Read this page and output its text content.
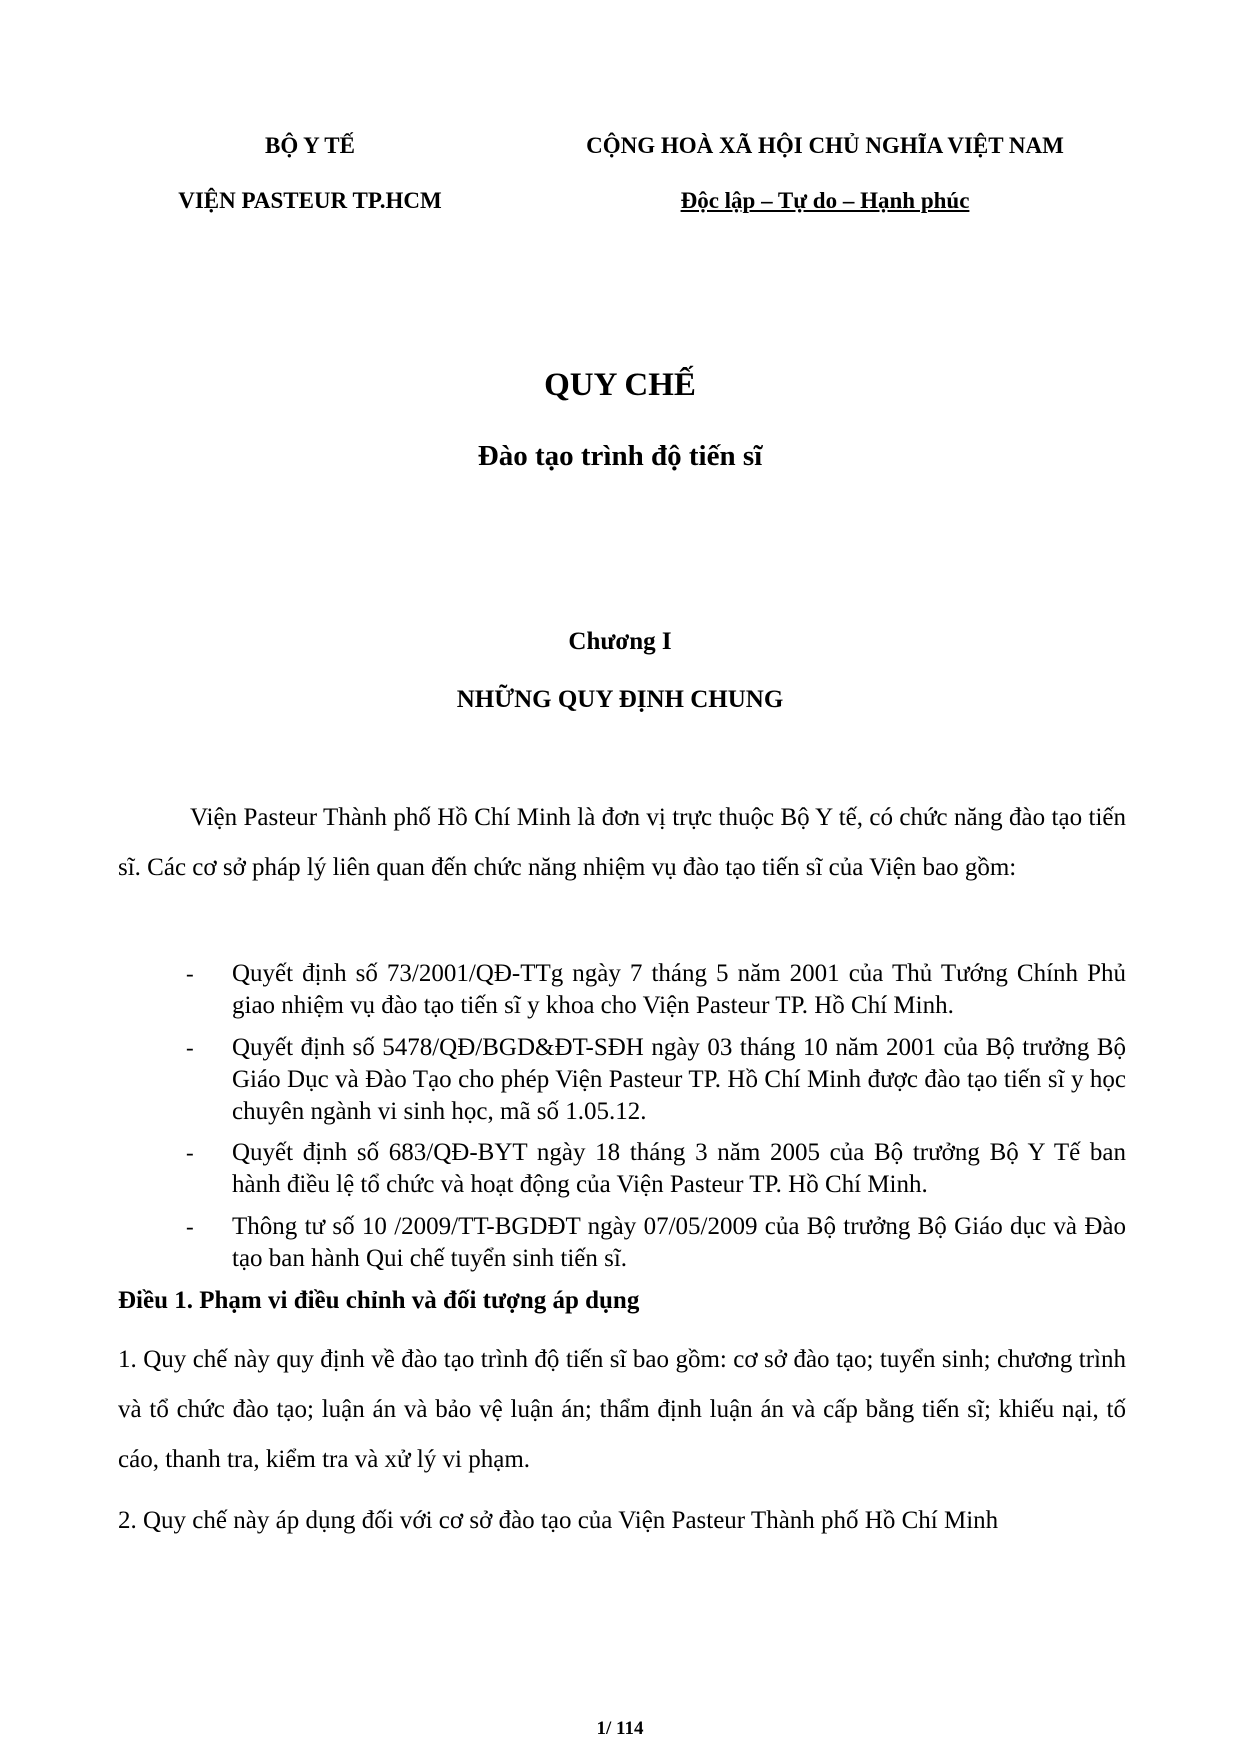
BỘ Y TẾ
VIỆN PASTEUR TP.HCM
CỘNG HOÀ XÃ HỘI CHỦ NGHĨA VIỆT NAM
Độc lập – Tự do – Hạnh phúc
QUY CHẾ
Đào tạo trình độ tiến sĩ
Chương I
NHỮNG QUY ĐỊNH CHUNG
Viện Pasteur Thành phố Hồ Chí Minh là đơn vị trực thuộc Bộ Y tế, có chức năng đào tạo tiến sĩ. Các cơ sở pháp lý liên quan đến chức năng nhiệm vụ đào tạo tiến sĩ của Viện bao gồm:
- Quyết định số 73/2001/QĐ-TTg ngày 7 tháng 5 năm 2001 của Thủ Tướng Chính Phủ giao nhiệm vụ đào tạo tiến sĩ y khoa cho Viện Pasteur TP. Hồ Chí Minh.
- Quyết định số 5478/QĐ/BGD&ĐT-SĐH ngày 03 tháng 10 năm 2001 của Bộ trưởng Bộ Giáo Dục và Đào Tạo cho phép Viện Pasteur TP. Hồ Chí Minh được đào tạo tiến sĩ y học chuyên ngành vi sinh học, mã số 1.05.12.
- Quyết định số 683/QĐ-BYT ngày 18 tháng 3 năm 2005 của Bộ trưởng Bộ Y Tế ban hành điều lệ tổ chức và hoạt động của Viện Pasteur TP. Hồ Chí Minh.
- Thông tư số 10 /2009/TT-BGDĐT ngày 07/05/2009 của Bộ trưởng Bộ Giáo dục và Đào tạo ban hành Qui chế tuyển sinh tiến sĩ.
Điều 1. Phạm vi điều chỉnh và đối tượng áp dụng
1. Quy chế này quy định về đào tạo trình độ tiến sĩ bao gồm: cơ sở đào tạo; tuyển sinh; chương trình và tổ chức đào tạo; luận án và bảo vệ luận án; thẩm định luận án và cấp bằng tiến sĩ; khiếu nại, tố cáo, thanh tra, kiểm tra và xử lý vi phạm.
2. Quy chế này áp dụng đối với cơ sở đào tạo của Viện Pasteur Thành phố Hồ Chí Minh
1/ 114
